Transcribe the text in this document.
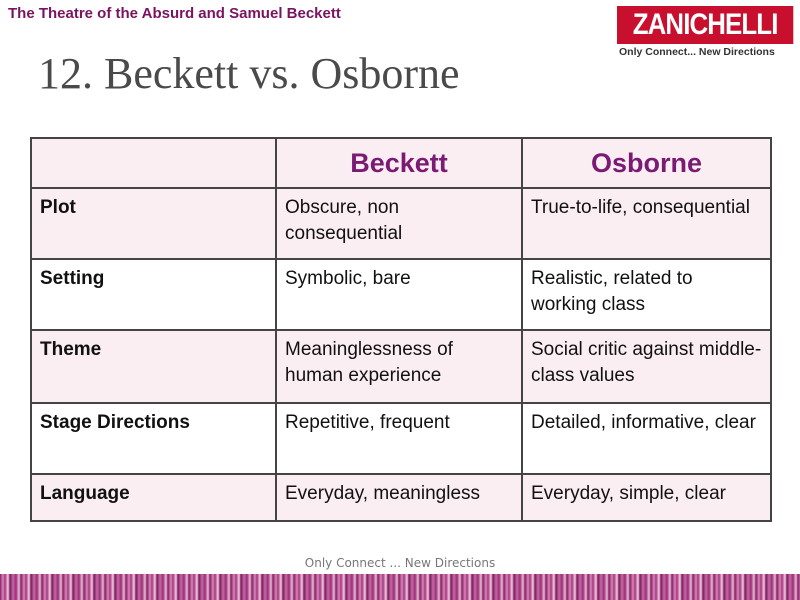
The Theatre of the Absurd and Samuel Beckett	ZANICHELLI
Only Connect... New Directions
12. Beckett vs. Osborne
	Beckett	Osborne
Plot	Obscure, non consequential	True-to-life, consequential
Setting	Symbolic, bare	Realistic, related to working class
Theme	Meaninglessness of human experience	Social critic against middle-class values
Stage Directions	Repetitive, frequent	Detailed, informative, clear
Language	Everyday, meaningless	Everyday, simple, clear
Only Connect ... New Directions
